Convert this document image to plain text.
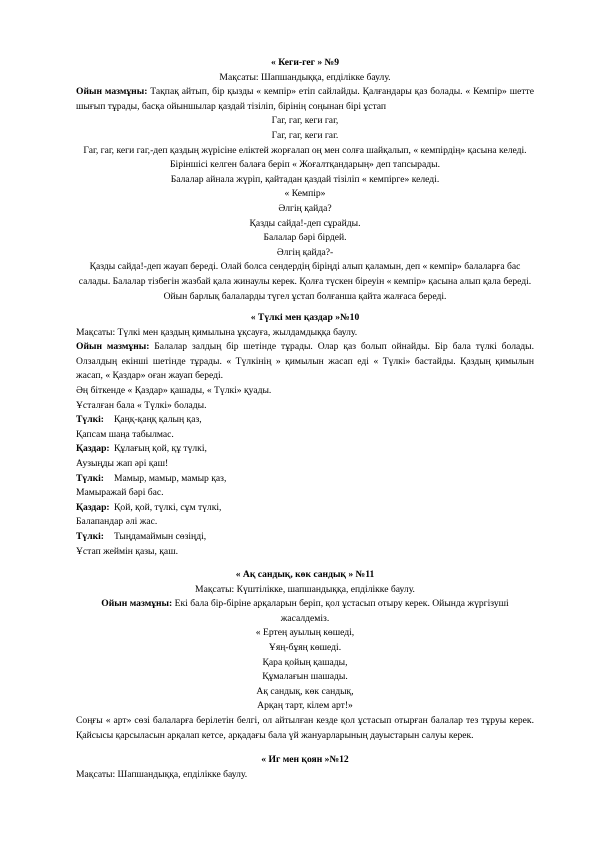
« Кеги-гег » №9
Мақсаты: Шапшандыққа, епділікке баулу.
Ойын мазмұны: Тақпақ айтып, бір қызды « кемпір» етіп сайлайды. Қалғандары қаз болады. « Кемпір» шетте шығып тұрады, басқа ойыншылар қаздай тізіліп, бірінің соңынан бірі ұстап
Гаг, гаг, кеги гаг,
Гаг, гаг, кеги гаг.
Гаг, гаг, кеги гаг,-деп қаздың жүрісіне еліктей жорғалап оң мен солға шайқалып, « кемпірдің» қасына келеді.
Біріншісі келген балаға беріп « Жоғалтқандарың» деп тапсырады.
Балалар айнала жүріп, қайтадан қаздай тізіліп « кемпірге» келеді.
« Кемпір»
Әлгің қайда?
Қазды сайда!-деп сұрайды.
Балалар бәрі бірдей.
Әлгің қайда?-
Қазды сайда!-деп жауап береді. Олай болса сендердің біріңді алып қаламын, деп « кемпір» балаларға бас салады. Балалар тізбегін жазбай қала жинаулы керек. Қолға түскен біреуін « кемпір» қасына алып қала береді. Ойын барлық балаларды түгел ұстап болғанша қайта жалғаса береді.
« Түлкі мен қаздар »№10
Мақсаты: Түлкі мен қаздың қимылына ұқсауға, жылдамдыққа баулу.
Ойын мазмұны: Балалар залдың бір шетінде тұрады. Олар қаз болып ойнайды. Бір бала түлкі болады. Олзалдың екінші шетінде тұрады. « Түлкінің » қимылын жасап еді « Түлкі» бастайды. Қаздың қимылын жасап, « Қаздар» оған жауап береді.
Әң біткенде « Қаздар» қашады, « Түлкі» қуады.
Ұсталған бала « Түлкі» болады.
Түлкі: Қаңқ-қаңқ қалың қаз,
Қапсам шаңа табылмас.
Қаздар: Құлағың қой, құ түлкі,
Аузыңды жап әрі қаш!
Түлкі: Мамыр, мамыр, мамыр қаз,
Мамыражай бәрі бас.
Қаздар: Қой, қой, түлкі, сұм түлкі,
Балапандар әлі жас.
Түлкі: Тыңдамаймын сөзіңді,
Ұстап жеймін қазы, қаш.
« Ақ сандық, көк сандық » №11
Мақсаты: Күштілікке, шапшандыққа, епділікке баулу.
Ойын мазмұны: Екі бала бір-біріне арқаларын беріп, қол ұстасып отыру керек. Ойында жүргізуші жасалдеміз.
« Ертең ауылың көшеді,
Ұяң-бұяң көшеді.
Қара қойың қашады,
Құмалағын шашады.
Ақ сандық, көк сандық,
Арқаң тарт, кілем арт!»
Соңғы « арт» сөзі балаларға берілетін белгі, ол айтылған кезде қол ұстасып отырған балалар тез тұруы керек. Қайсысы қарсыласын арқалап кетсе, арқадағы бала үй жануарларының дауыстарын салуы керек.
« Иг мен қоян »№12
Мақсаты: Шапшандыққа, епділікке баулу.
